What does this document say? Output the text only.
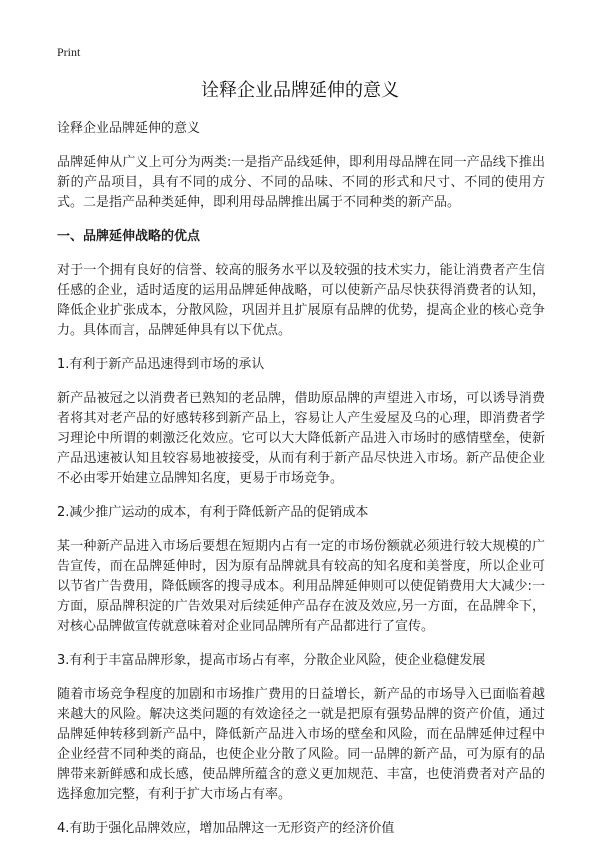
Print
诠释企业品牌延伸的意义

诠释企业品牌延伸的意义

品牌延伸从广义上可分为两类:一是指产品线延伸，即利用母品牌在同一产品线下推出新的产品项目，具有不同的成分、不同的品味、不同的形式和尺寸、不同的使用方式。二是指产品种类延伸，即利用母品牌推出属于不同种类的新产品。

一、品牌延伸战略的优点

对于一个拥有良好的信誉、较高的服务水平以及较强的技术实力，能让消费者产生信任感的企业，适时适度的运用品牌延伸战略，可以使新产品尽快获得消费者的认知，降低企业扩张成本，分散风险，巩固并且扩展原有品牌的优势，提高企业的核心竞争力。具体而言，品牌延伸具有以下优点。

1.有利于新产品迅速得到市场的承认

新产品被冠之以消费者已熟知的老品牌，借助原品牌的声望进入市场，可以诱导消费者将其对老产品的好感转移到新产品上，容易让人产生爱屋及乌的心理，即消费者学习理论中所谓的刺激泛化效应。它可以大大降低新产品进入市场时的感情壁垒，使新产品迅速被认知且较容易地被接受，从而有利于新产品尽快进入市场。新产品使企业不必由零开始建立品牌知名度，更易于市场竞争。

2.减少推广运动的成本，有利于降低新产品的促销成本

某一种新产品进入市场后要想在短期内占有一定的市场份额就必须进行较大规模的广告宣传，而在品牌延伸时，因为原有品牌就具有较高的知名度和美誉度，所以企业可以节省广告费用，降低顾客的搜寻成本。利用品牌延伸则可以使促销费用大大减少:一方面，原品牌积淀的广告效果对后续延伸产品存在波及效应,另一方面，在品牌伞下，对核心品牌做宣传就意味着对企业同品牌所有产品都进行了宣传。

3.有利于丰富品牌形象，提高市场占有率，分散企业风险，使企业稳健发展

随着市场竞争程度的加剧和市场推广费用的日益增长，新产品的市场导入已面临着越来越大的风险。解决这类问题的有效途径之一就是把原有强势品牌的资产价值，通过品牌延伸转移到新产品中，降低新产品进入市场的壁垒和风险，而在品牌延伸过程中企业经营不同种类的商品，也使企业分散了风险。同一品牌的新产品，可为原有的品牌带来新鲜感和成长感，使品牌所蕴含的意义更加规范、丰富，也使消费者对产品的选择愈加完整，有利于扩大市场占有率。

4.有助于强化品牌效应，增加品牌这一无形资产的经济价值
